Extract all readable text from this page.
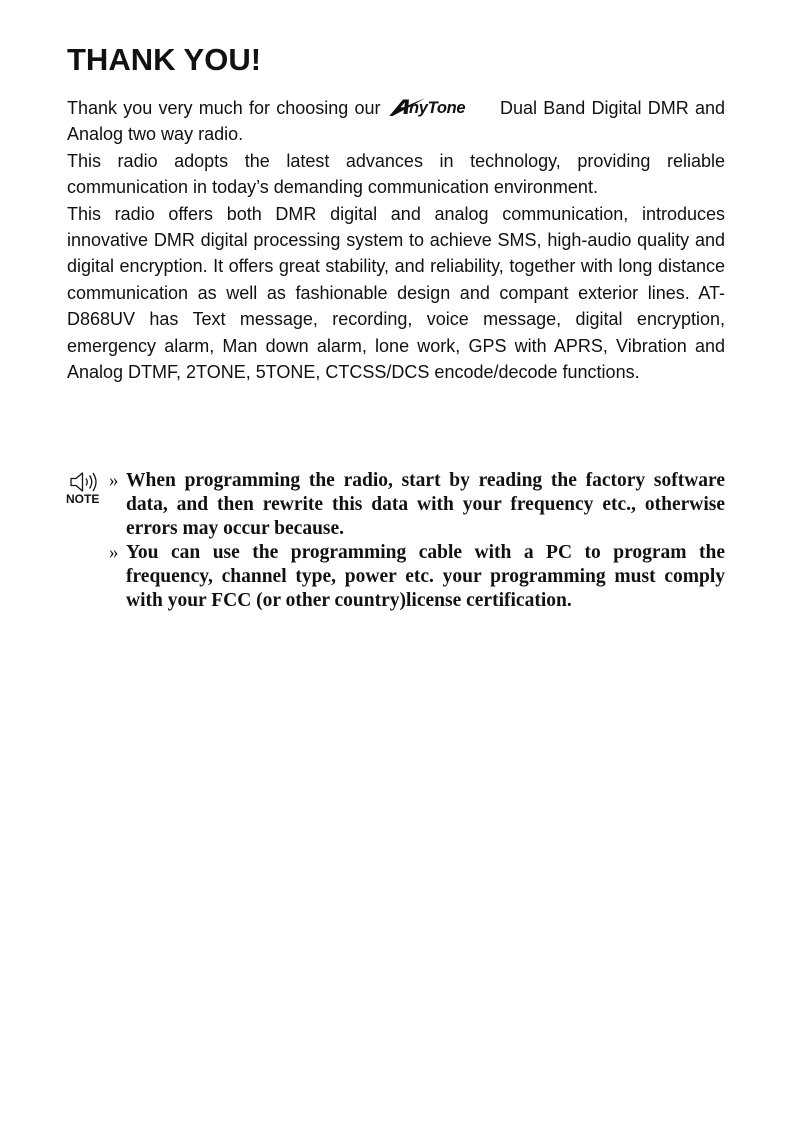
THANK YOU!

Thank you very much for choosing our nyTone Dual Band Digital DMR and Analog two way radio.

This radio adopts the latest advances in technology, providing reliable communication in today’s demanding communication environment.

This radio offers both DMR digital and analog communication, introduces innovative DMR digital processing system to achieve SMS, high-audio quality and digital encryption. It offers great stability, and reliability, together with long distance communication as well as fashionable design and compant exterior lines. AT-D868UV has Text message, recording, voice message, digital encryption, emergency alarm, Man down alarm, lone work, GPS with APRS, Vibration and Analog DTMF, 2TONE, 5TONE, CTCSS/DCS encode/decode functions.

NOTE
» When programming the radio, start by reading the factory software data, and then rewrite this data with your frequency etc., otherwise errors may occur because.
» You can use the programming cable with a PC to program the frequency, channel type, power etc. your programming must comply with your FCC (or other country)license certification.
